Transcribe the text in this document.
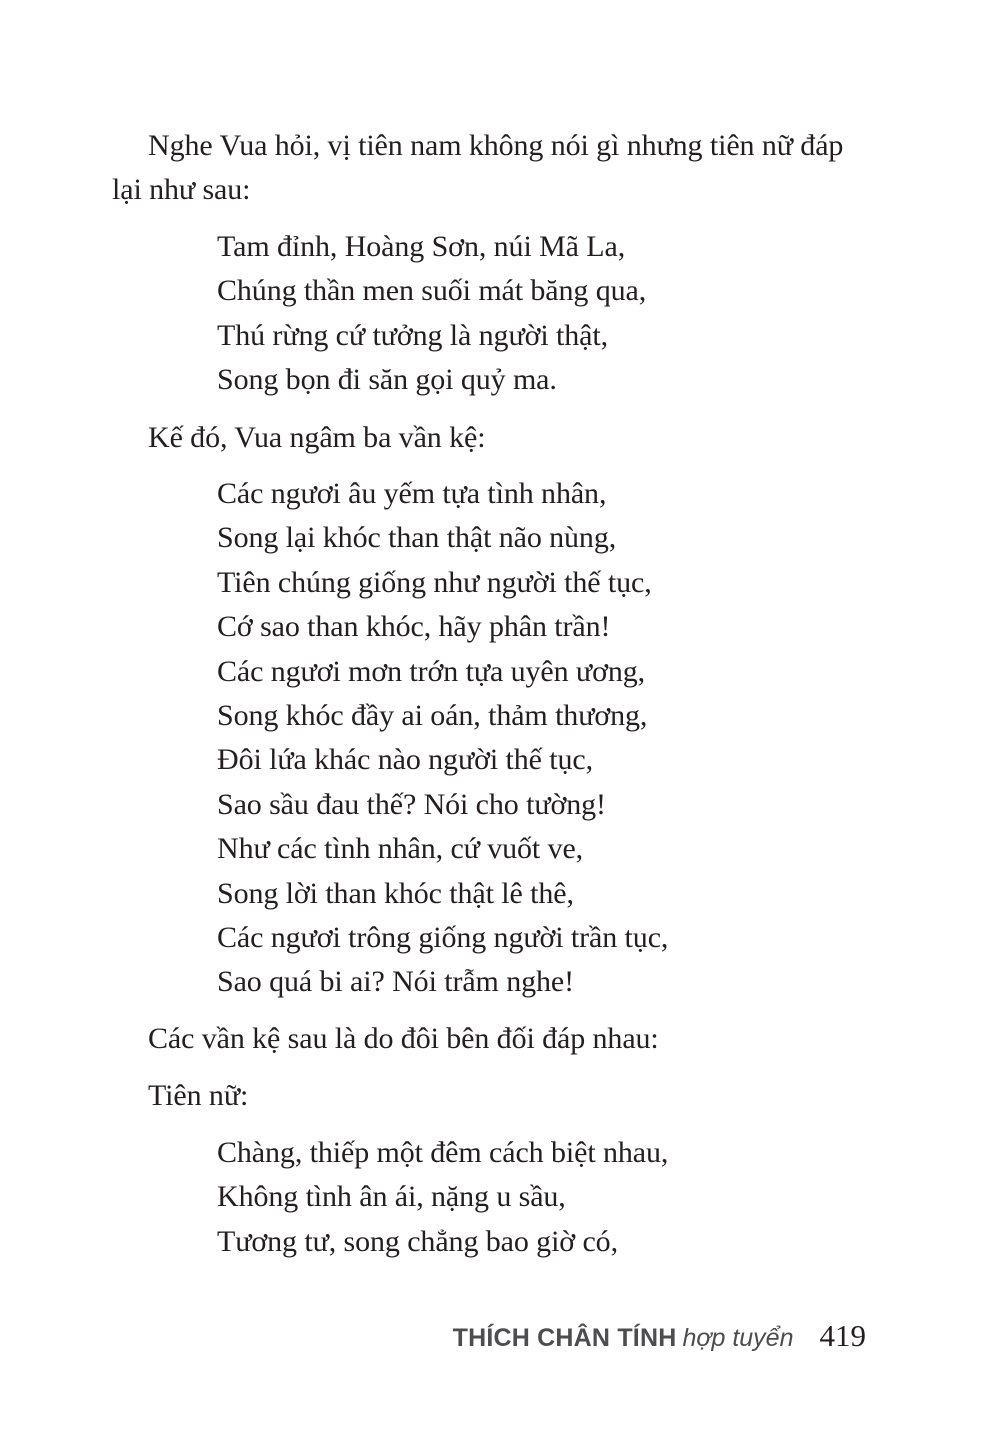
Nghe Vua hỏi, vị tiên nam không nói gì nhưng tiên nữ đáp lại như sau:

Tam đỉnh, Hoàng Sơn, núi Mã La,
Chúng thần men suối mát băng qua,
Thú rừng cứ tưởng là người thật,
Song bọn đi săn gọi quỷ ma.
Kế đó, Vua ngâm ba vần kệ:
Các ngươi âu yếm tựa tình nhân,
Song lại khóc than thật não nùng,
Tiên chúng giống như người thế tục,
Cớ sao than khóc, hãy phân trần!
Các ngươi mơn trớn tựa uyên ương,
Song khóc đầy ai oán, thảm thương,
Đôi lứa khác nào người thế tục,
Sao sầu đau thế? Nói cho tường!
Như các tình nhân, cứ vuốt ve,
Song lời than khóc thật lê thê,
Các ngươi trông giống người trần tục,
Sao quá bi ai? Nói trẫm nghe!
Các vần kệ sau là do đôi bên đối đáp nhau:
Tiên nữ:
Chàng, thiếp một đêm cách biệt nhau,
Không tình ân ái, nặng u sầu,
Tương tư, song chẳng bao giờ có,
THÍCH CHÂN TÍNH hợp tuyển 419
